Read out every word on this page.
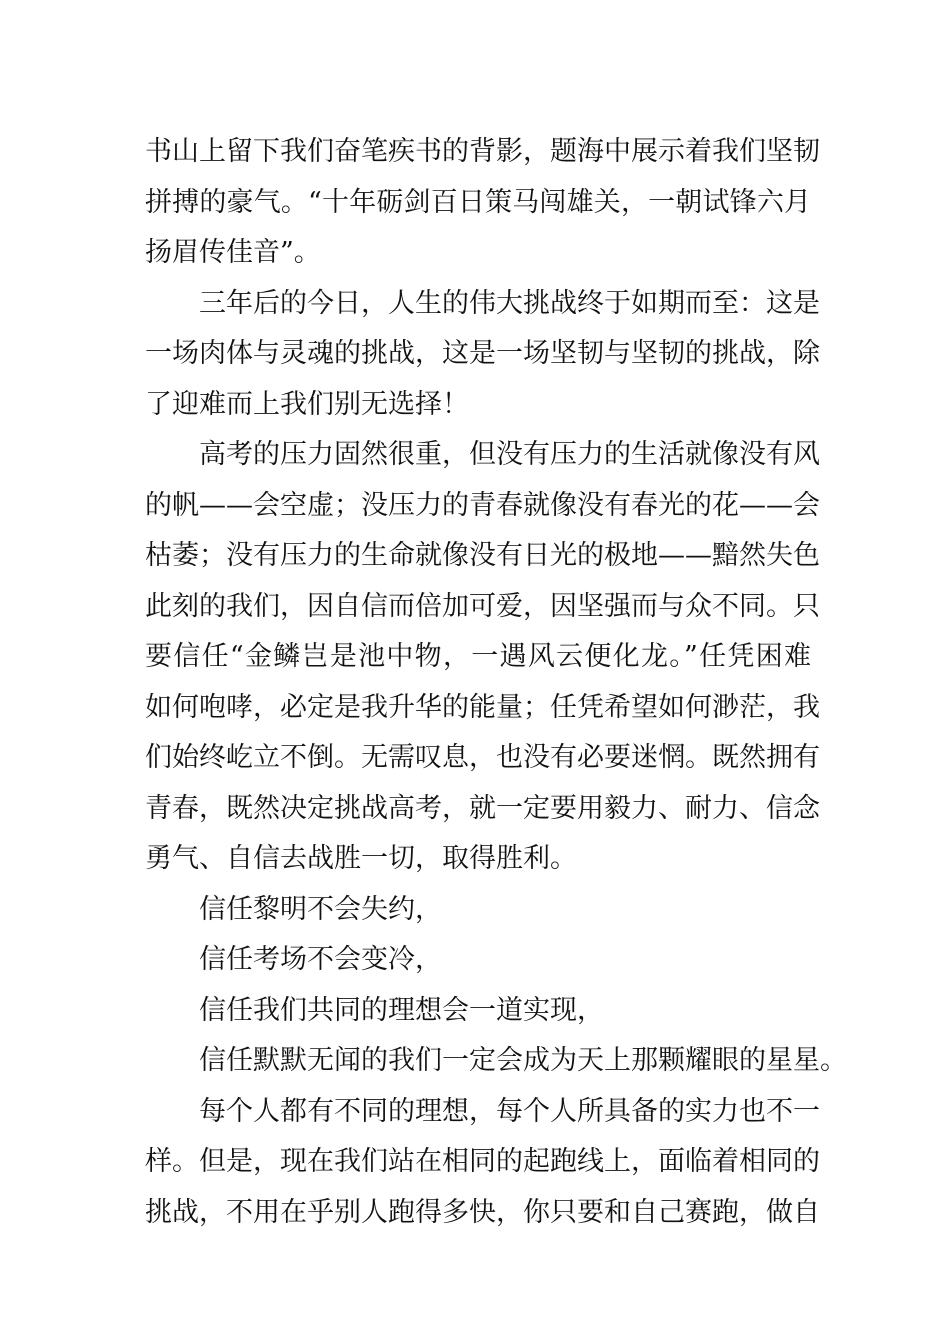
书山上留下我们奋笔疾书的背影，题海中展示着我们坚韧
拼搏的豪气。“十年砺剑百日策马闯雄关，一朝试锋六月
扬眉传佳音”。
三年后的今日，人生的伟大挑战终于如期而至：这是
一场肉体与灵魂的挑战，这是一场坚韧与坚韧的挑战，除
了迎难而上我们别无选择！
高考的压力固然很重，但没有压力的生活就像没有风
的帆——会空虚；没压力的青春就像没有春光的花——会
枯萎；没有压力的生命就像没有日光的极地——黯然失色
此刻的我们，因自信而倍加可爱，因坚强而与众不同。只
要信任“金鳞岂是池中物，一遇风云便化龙。”任凭困难
如何咆哮，必定是我升华的能量；任凭希望如何渺茫，我
们始终屹立不倒。无需叹息，也没有必要迷惘。既然拥有
青春，既然决定挑战高考，就一定要用毅力、耐力、信念
勇气、自信去战胜一切，取得胜利。
信任黎明不会失约，
信任考场不会变冷，
信任我们共同的理想会一道实现，
信任默默无闻的我们一定会成为天上那颗耀眼的星星。
每个人都有不同的理想，每个人所具备的实力也不一
样。但是，现在我们站在相同的起跑线上，面临着相同的
挑战，不用在乎别人跑得多快，你只要和自己赛跑，做自
